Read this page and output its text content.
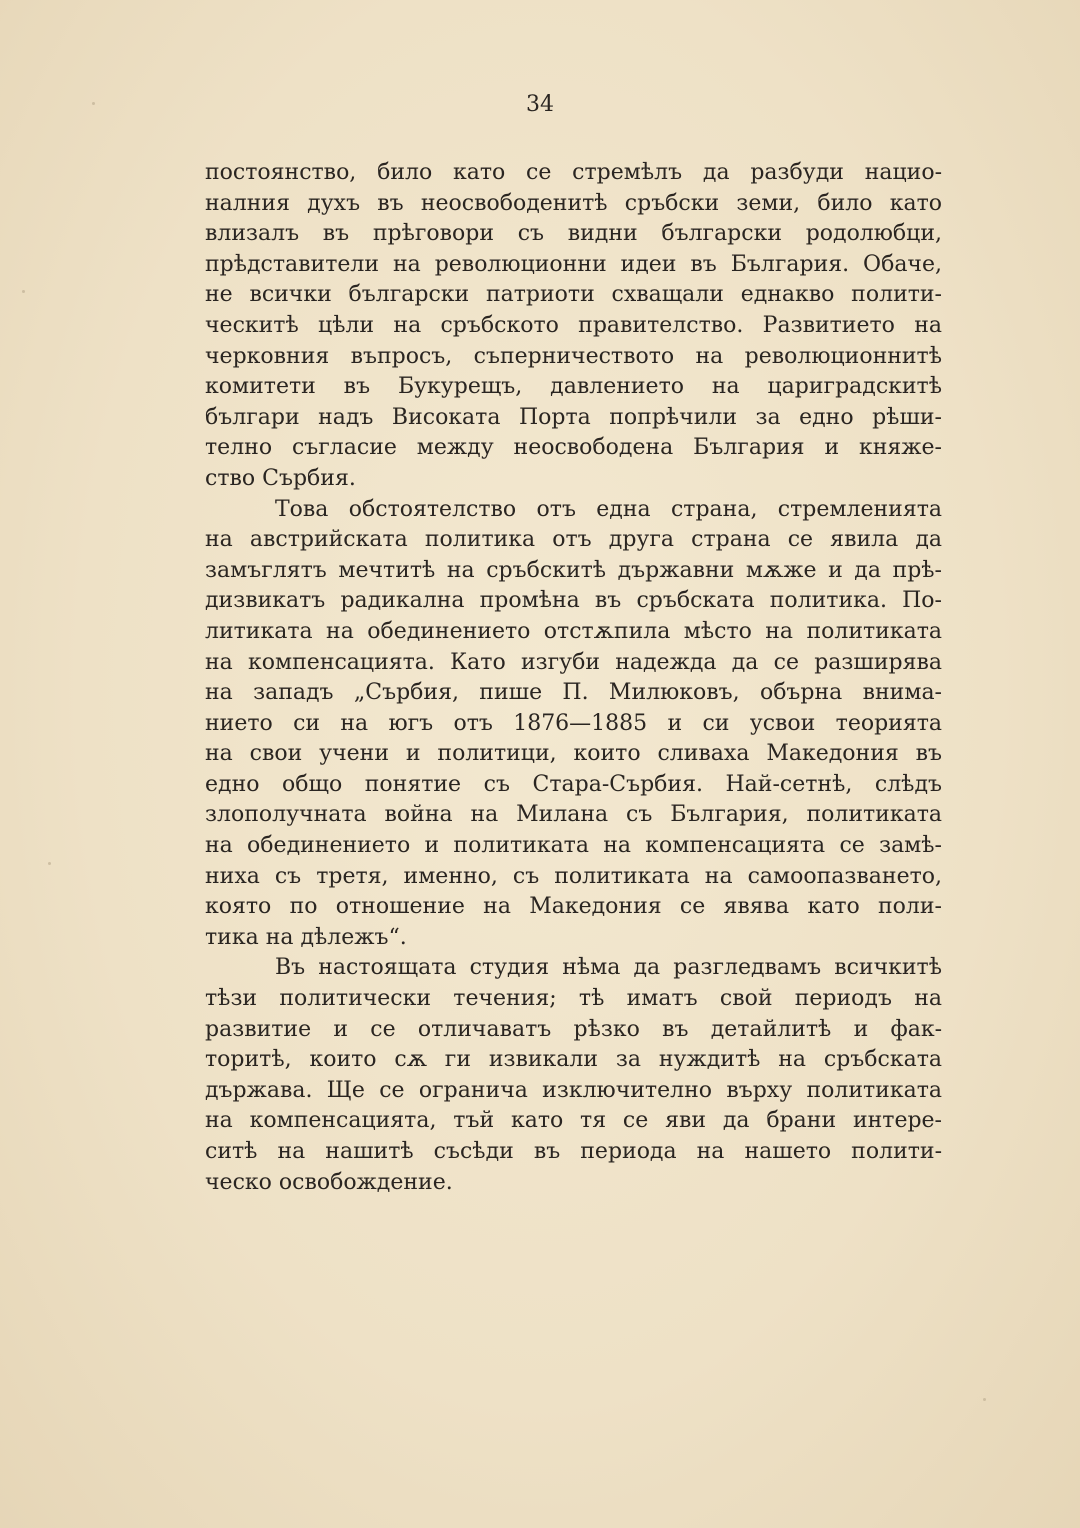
34
постоянство, било като се стремѣлъ да разбуди нацио-
налния духъ въ неосвободенитѣ сръбски земи, било като
влизалъ въ прѣговори съ видни български родолюбци,
прѣдставители на революционни идеи въ България. Обаче,
не всички български патриоти схващали еднакво полити-
ческитѣ цѣли на сръбското правителство. Развитието на
черковния въпросъ, съперничеството на революционнитѣ
комитети въ Букурещъ, давлението на цариградскитѣ
българи надъ Високата Порта попрѣчили за едно рѣши-
телно съгласие между неосвободена България и княже-
ство Сърбия.
Това обстоятелство отъ една страна, стремленията
на австрийската политика отъ друга страна се явила да
замъглятъ мечтитѣ на сръбскитѣ държавни мѫже и да прѣ-
дизвикатъ радикална промѣна въ сръбската политика. По-
литиката на обединението отстѫпила мѣсто на политиката
на компенсацията. Като изгуби надежда да се разширява
на западъ „Сърбия, пише П. Милюковъ, обърна внима-
нието си на югъ отъ 1876—1885 и си усвои теорията
на свои учени и политици, които сливаха Македония въ
едно общо понятие съ Стара-Сърбия. Най-сетнѣ, слѣдъ
злополучната война на Милана съ България, политиката
на обединението и политиката на компенсацията се замѣ-
ниха съ третя, именно, съ политиката на самоопазването,
която по отношение на Македония се явява като поли-
тика на дѣлежъ“.
Въ настоящата студия нѣма да разгледвамъ всичкитѣ
тѣзи политически течения; тѣ иматъ свой периодъ на
развитие и се отличаватъ рѣзко въ детайлитѣ и фак-
торитѣ, които сѫ ги извикали за нуждитѣ на сръбската
държава. Ще се ограничa изключително върху политиката
на компенсацията, тъй като тя се яви да брани интере-
ситѣ на нашитѣ съсѣди въ периода на нашето полити-
ческо освобождение.
